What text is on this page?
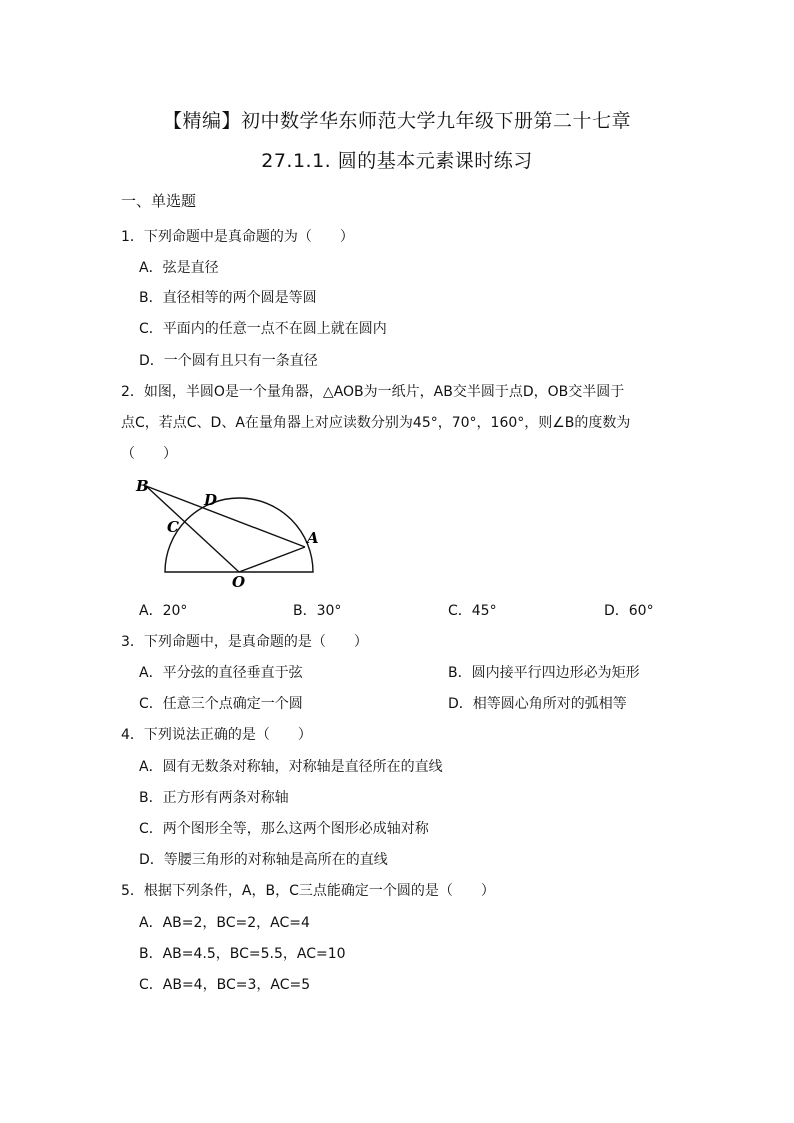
【精编】初中数学华东师范大学九年级下册第二十七章
27.1.1. 圆的基本元素课时练习
一、单选题
1．下列命题中是真命题的为（　　）
A．弦是直径
B．直径相等的两个圆是等圆
C．平面内的任意一点不在圆上就在圆内
D．一个圆有且只有一条直径
2．如图，半圆O是一个量角器，△AOB为一纸片，AB交半圆于点D，OB交半圆于
点C，若点C、D、A在量角器上对应读数分别为45°，70°，160°，则∠B的度数为
（　　）
B
D
C
A
O
A．20°	B．30°	C．45°	D．60°
3．下列命题中，是真命题的是（　　）
A．平分弦的直径垂直于弦	B．圆内接平行四边形必为矩形
C．任意三个点确定一个圆	D．相等圆心角所对的弧相等
4．下列说法正确的是（　　）
A．圆有无数条对称轴，对称轴是直径所在的直线
B．正方形有两条对称轴
C．两个图形全等，那么这两个图形必成轴对称
D．等腰三角形的对称轴是高所在的直线
5．根据下列条件，A，B，C三点能确定一个圆的是（　　）
A．AB=2，BC=2，AC=4
B．AB=4.5，BC=5.5，AC=10
C．AB=4，BC=3，AC=5
